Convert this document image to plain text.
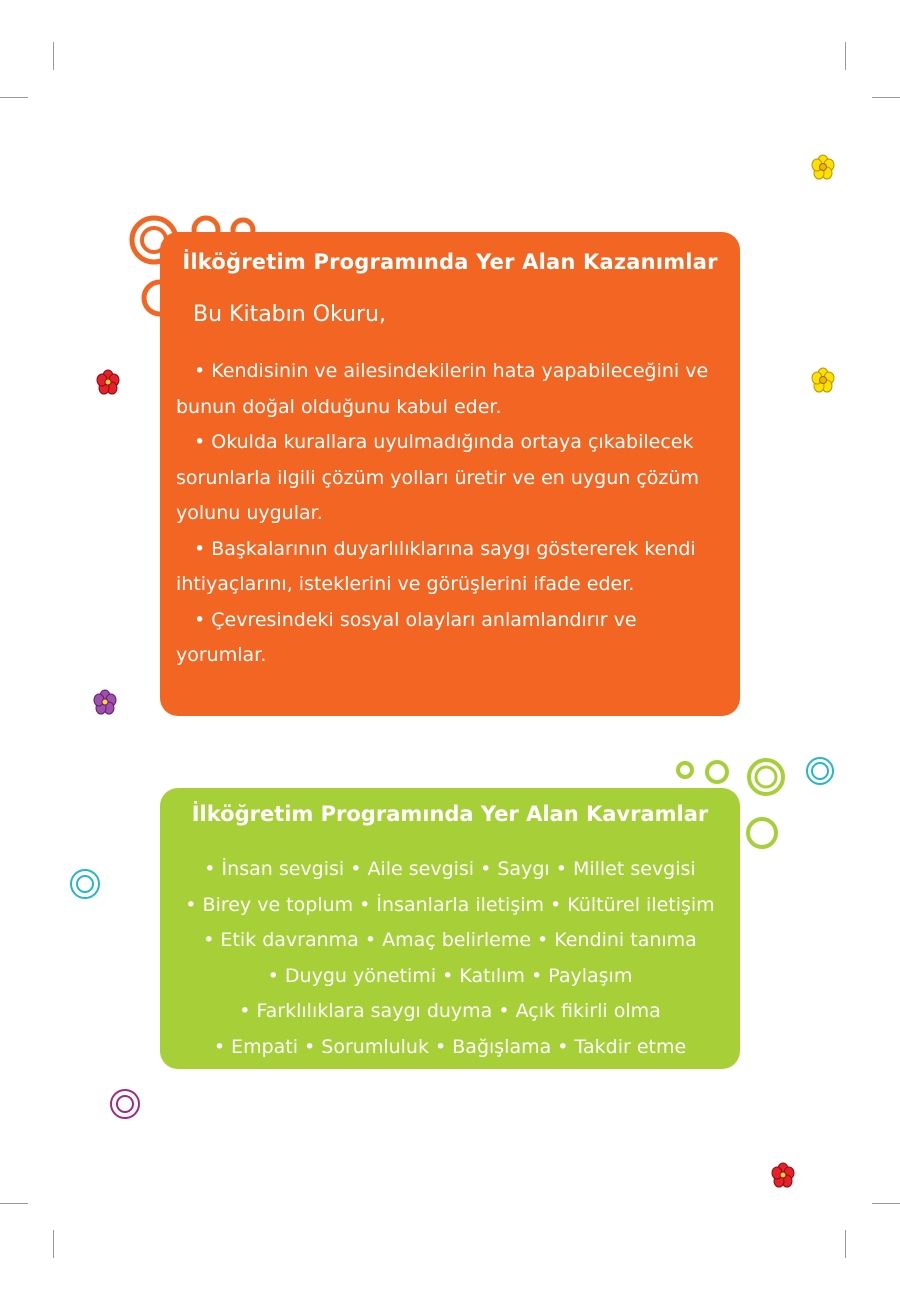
İlköğretim Programında Yer Alan Kazanımlar
Bu Kitabın Okuru,

• Kendisinin ve ailesindekilerin hata yapabileceğini ve bunun doğal olduğunu kabul eder.

• Okulda kurallara uyulmadığında ortaya çıkabilecek sorunlarla ilgili çözüm yolları üretir ve en uygun çözüm yolunu uygular.

• Başkalarının duyarlılıklarına saygı göstererek kendi ihtiyaçlarını, isteklerini ve görüşlerini ifade eder.

• Çevresindeki sosyal olayları anlamlandırır ve yorumlar.

İlköğretim Programında Yer Alan Kavramlar
• İnsan sevgisi • Aile sevgisi • Saygı • Millet sevgisi
• Birey ve toplum • İnsanlarla iletişim • Kültürel iletişim
• Etik davranma • Amaç belirleme • Kendini tanıma
• Duygu yönetimi • Katılım • Paylaşım
• Farklılıklara saygı duyma • Açık fikirli olma
• Empati • Sorumluluk • Bağışlama • Takdir etme
